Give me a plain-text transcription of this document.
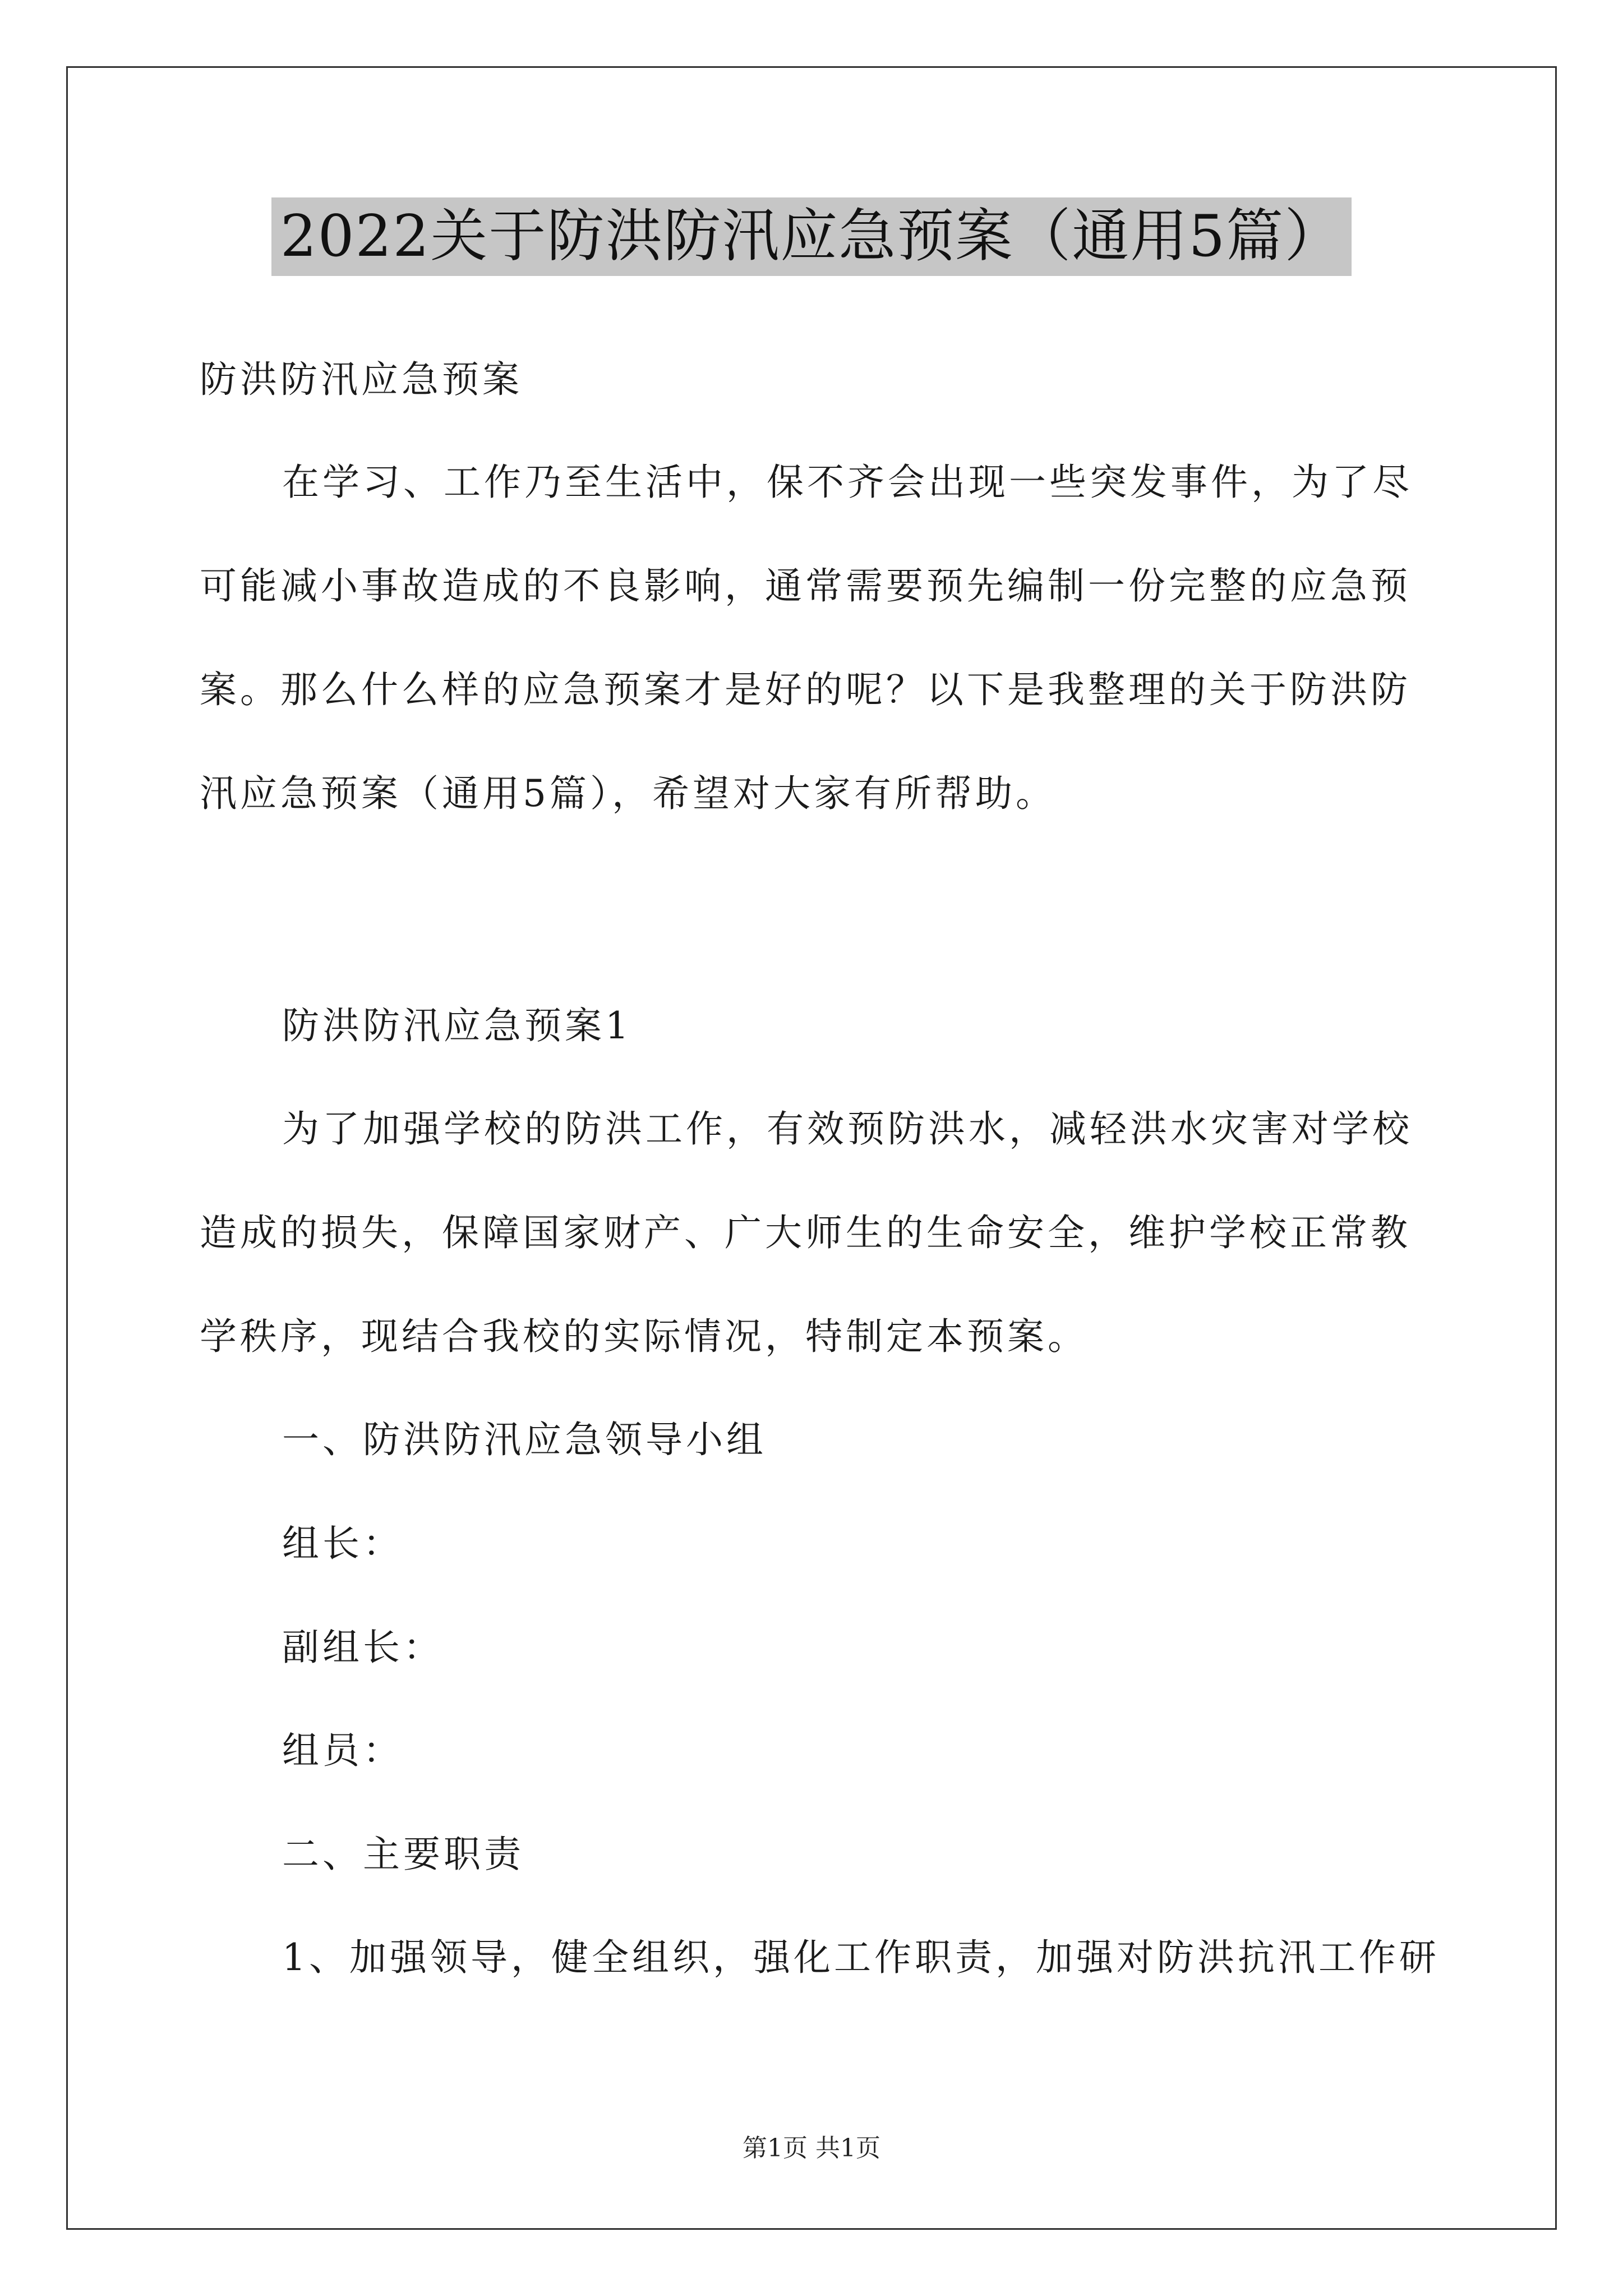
2022关于防洪防汛应急预案（通用5篇）
防洪防汛应急预案
在学习、工作乃至生活中，保不齐会出现一些突发事件，为了尽
可能减小事故造成的不良影响，通常需要预先编制一份完整的应急预
案。那么什么样的应急预案才是好的呢？以下是我整理的关于防洪防
汛应急预案（通用5篇），希望对大家有所帮助。
防洪防汛应急预案1
为了加强学校的防洪工作，有效预防洪水，减轻洪水灾害对学校
造成的损失，保障国家财产、广大师生的生命安全，维护学校正常教
学秩序，现结合我校的实际情况，特制定本预案。
一、防洪防汛应急领导小组
组长：
副组长：
组员：
二、主要职责
1、加强领导，健全组织，强化工作职责，加强对防洪抗汛工作研
第1页 共1页
